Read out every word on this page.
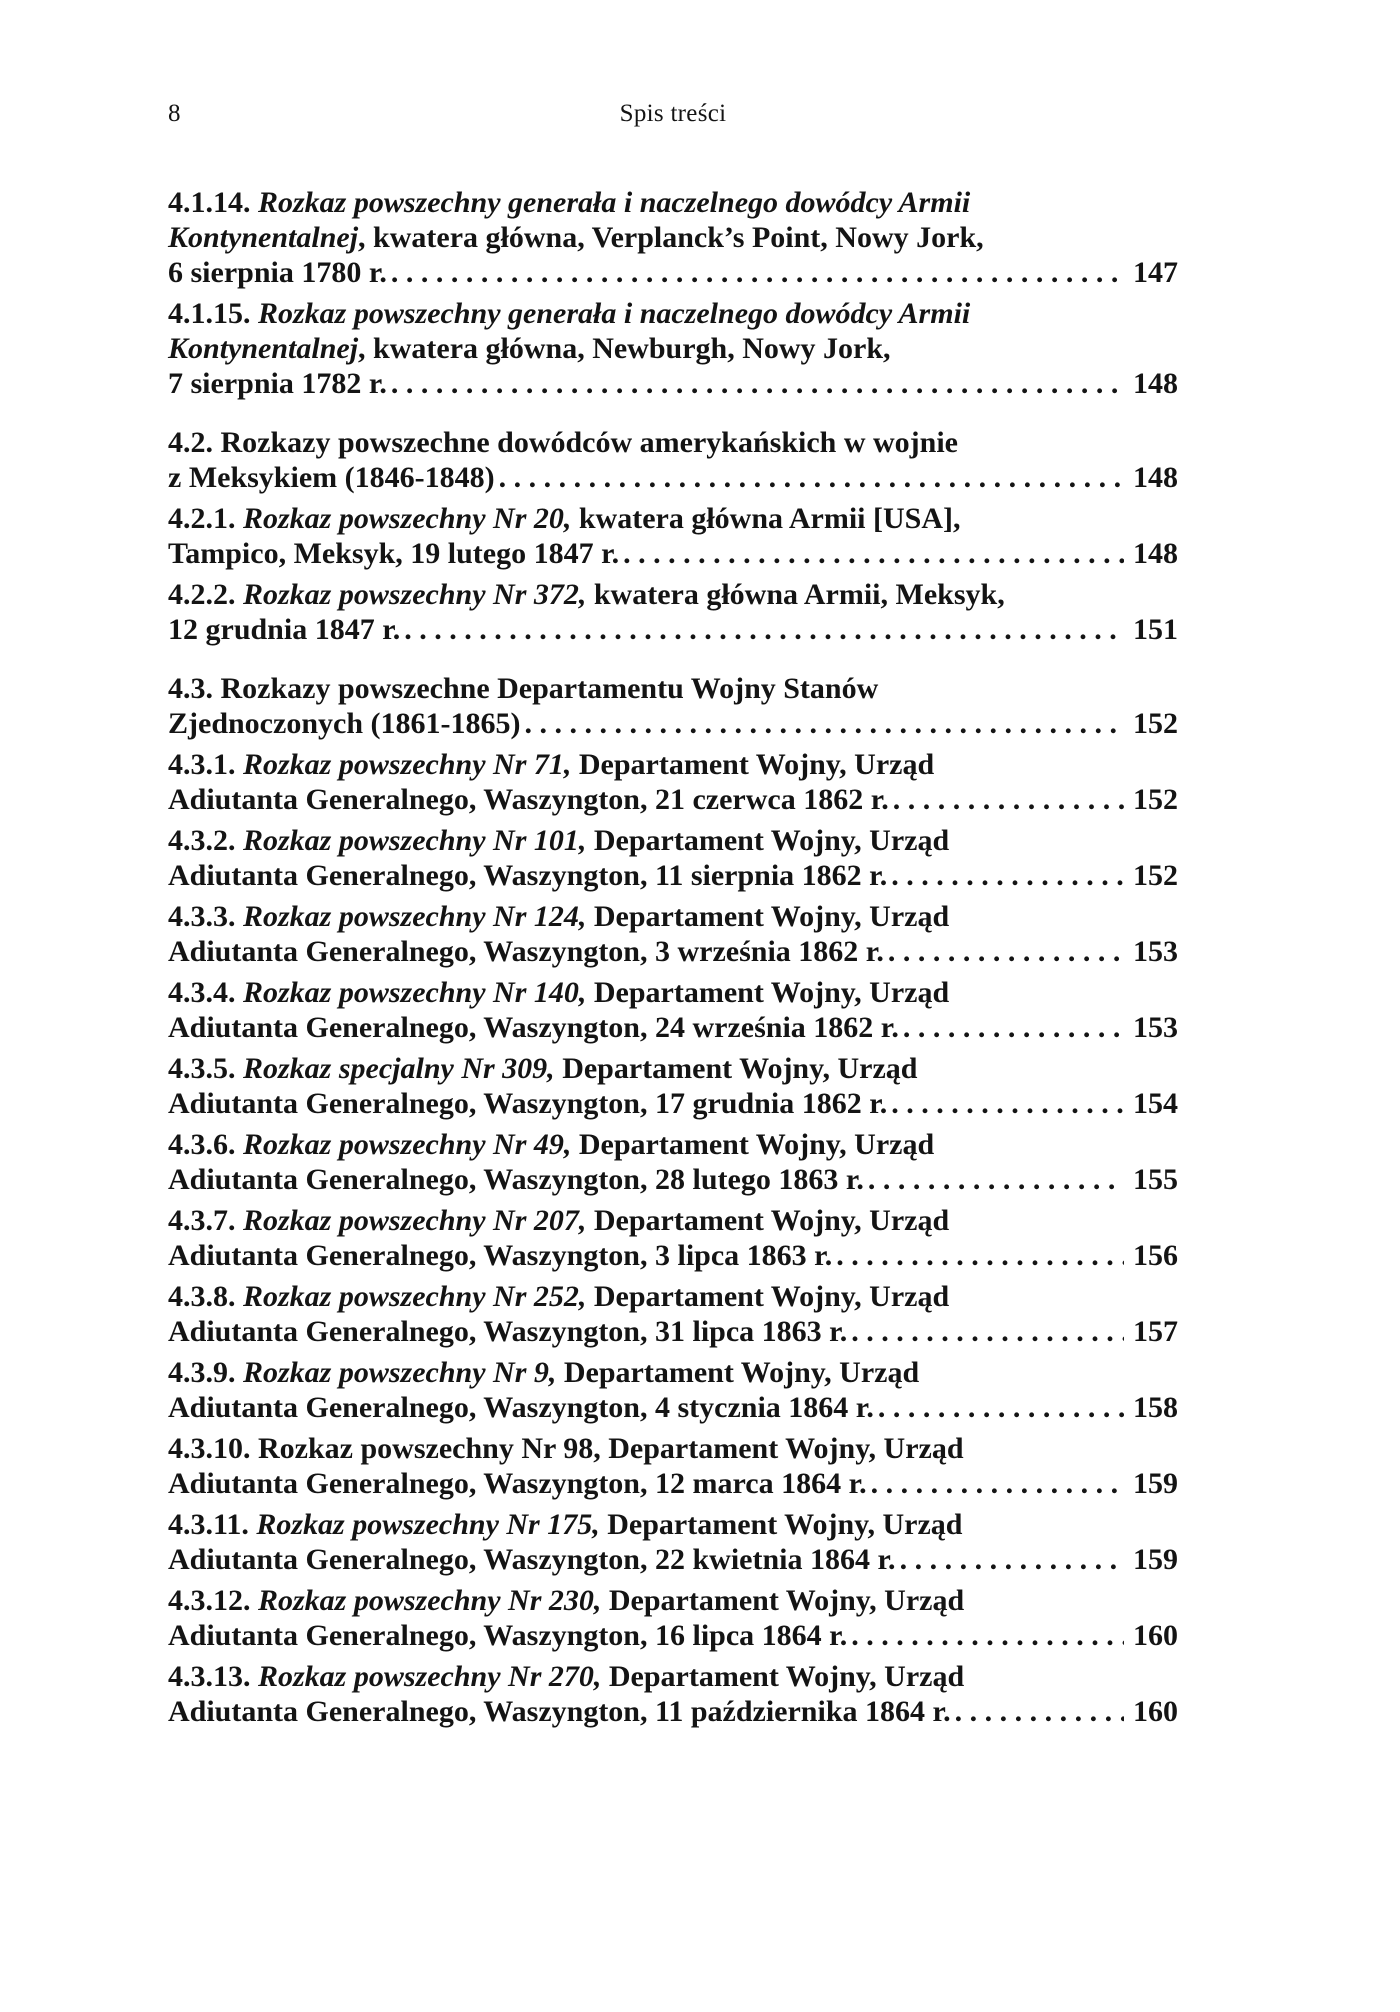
8	Spis treści
4.1.14. Rozkaz powszechny generała i naczelnego dowódcy Armii
Kontynentalnej, kwatera główna, Verplanck’s Point, Nowy Jork,
6 sierpnia 1780 r. . . .	147
4.1.15. Rozkaz powszechny generała i naczelnego dowódcy Armii
Kontynentalnej, kwatera główna, Newburgh, Nowy Jork,
7 sierpnia 1782 r. . . .	148
4.2. Rozkazy powszechne dowódców amerykańskich w wojnie
z Meksykiem (1846-1848) . . .	148
4.2.1. Rozkaz powszechny Nr 20, kwatera główna Armii [USA],
Tampico, Meksyk, 19 lutego 1847 r. . . .	148
4.2.2. Rozkaz powszechny Nr 372, kwatera główna Armii, Meksyk,
12 grudnia 1847 r. . . .	151
4.3. Rozkazy powszechne Departamentu Wojny Stanów
Zjednoczonych (1861-1865) . . .	152
4.3.1. Rozkaz powszechny Nr 71, Departament Wojny, Urząd
Adiutanta Generalnego, Waszyngton, 21 czerwca 1862 r. . . .	152
4.3.2. Rozkaz powszechny Nr 101, Departament Wojny, Urząd
Adiutanta Generalnego, Waszyngton, 11 sierpnia 1862 r. . . .	152
4.3.3. Rozkaz powszechny Nr 124, Departament Wojny, Urząd
Adiutanta Generalnego, Waszyngton, 3 września 1862 r. . . .	153
4.3.4. Rozkaz powszechny Nr 140, Departament Wojny, Urząd
Adiutanta Generalnego, Waszyngton, 24 września 1862 r. . . .	153
4.3.5. Rozkaz specjalny Nr 309, Departament Wojny, Urząd
Adiutanta Generalnego, Waszyngton, 17 grudnia 1862 r. . . .	154
4.3.6. Rozkaz powszechny Nr 49, Departament Wojny, Urząd
Adiutanta Generalnego, Waszyngton, 28 lutego 1863 r. . . .	155
4.3.7. Rozkaz powszechny Nr 207, Departament Wojny, Urząd
Adiutanta Generalnego, Waszyngton, 3 lipca 1863 r. . . .	156
4.3.8. Rozkaz powszechny Nr 252, Departament Wojny, Urząd
Adiutanta Generalnego, Waszyngton, 31 lipca 1863 r. . . .	157
4.3.9. Rozkaz powszechny Nr 9, Departament Wojny, Urząd
Adiutanta Generalnego, Waszyngton, 4 stycznia 1864 r. . . .	158
4.3.10. Rozkaz powszechny Nr 98, Departament Wojny, Urząd
Adiutanta Generalnego, Waszyngton, 12 marca 1864 r. . . .	159
4.3.11. Rozkaz powszechny Nr 175, Departament Wojny, Urząd
Adiutanta Generalnego, Waszyngton, 22 kwietnia 1864 r. . . .	159
4.3.12. Rozkaz powszechny Nr 230, Departament Wojny, Urząd
Adiutanta Generalnego, Waszyngton, 16 lipca 1864 r. . . .	160
4.3.13. Rozkaz powszechny Nr 270, Departament Wojny, Urząd
Adiutanta Generalnego, Waszyngton, 11 października 1864 r. . . .	160
